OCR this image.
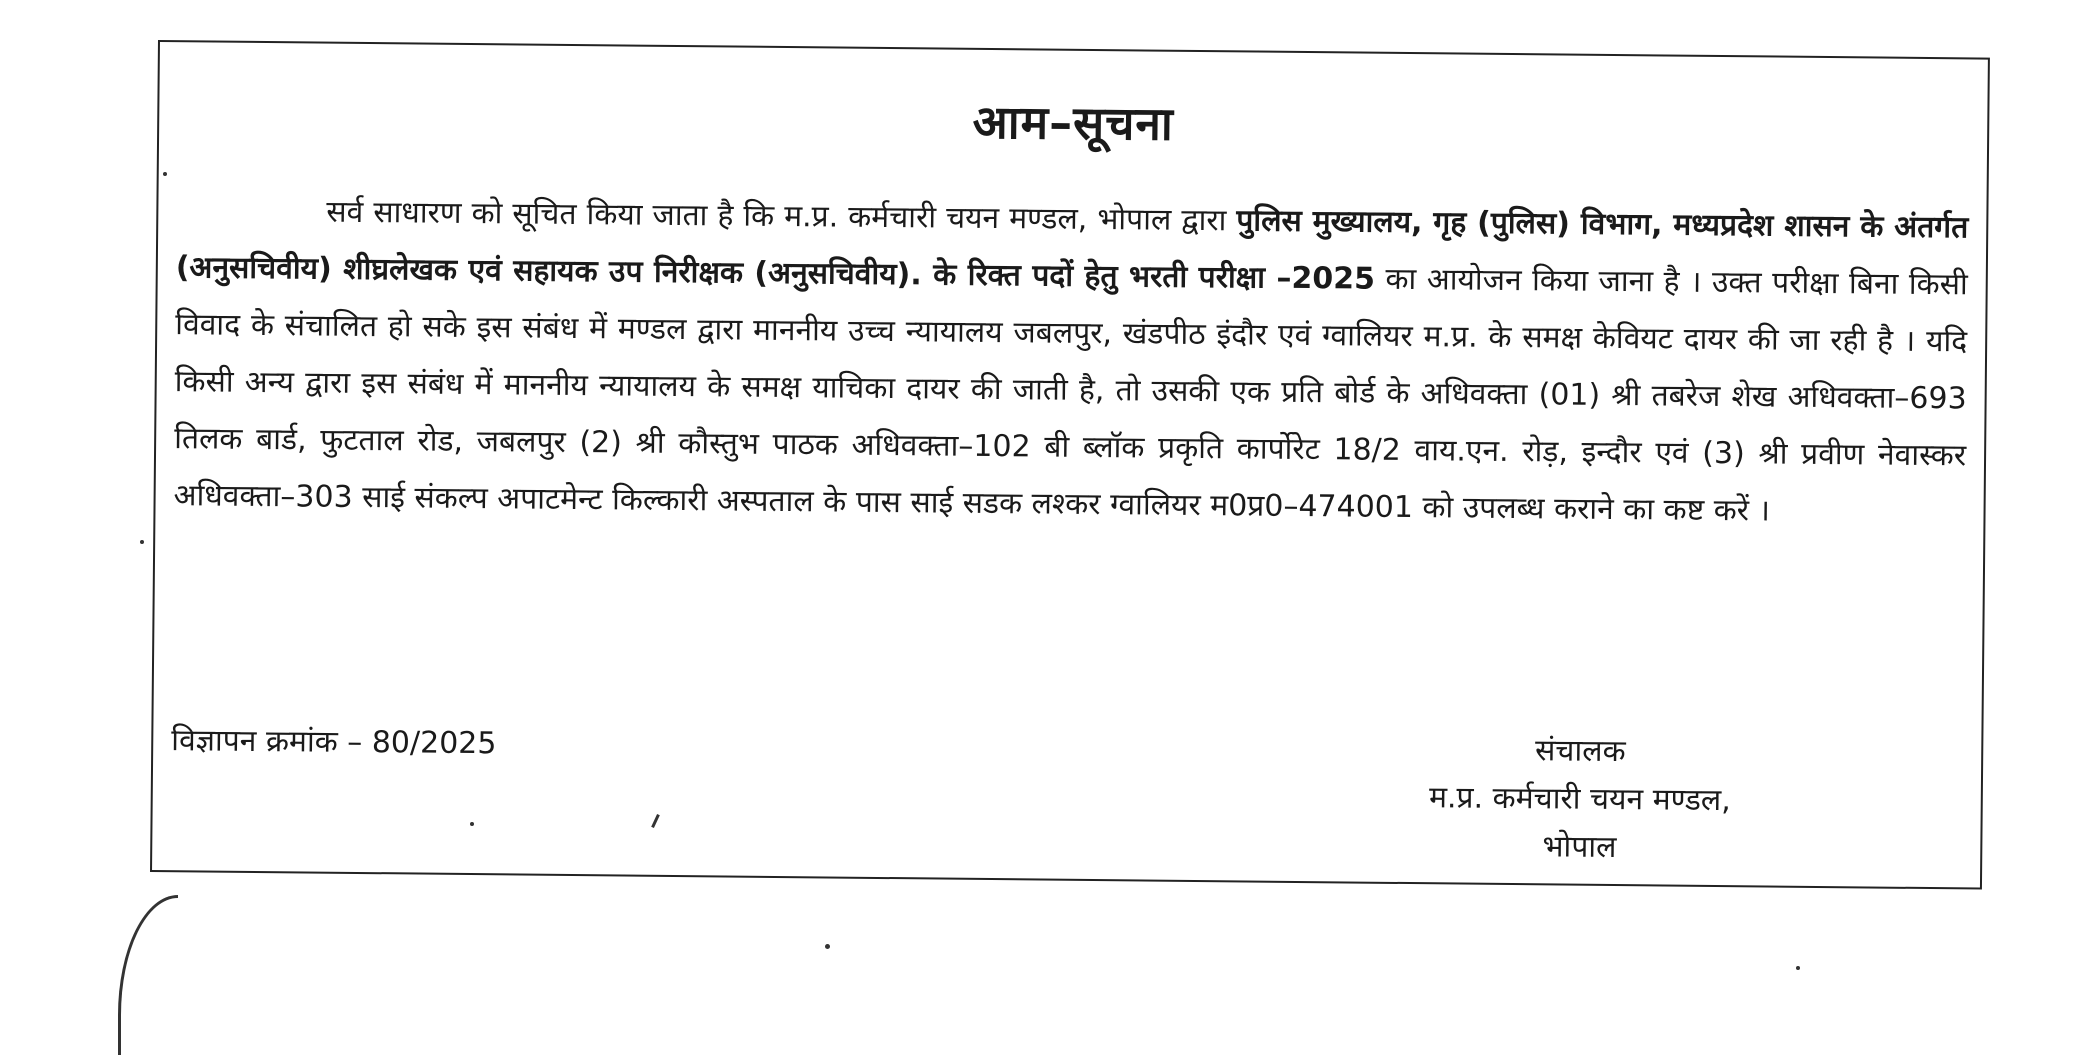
आम–सूचना
सर्व साधारण को सूचित किया जाता है कि म.प्र. कर्मचारी चयन मण्डल, भोपाल द्वारा पुलिस मुख्यालय, गृह (पुलिस) विभाग, मध्यप्रदेश शासन के अंतर्गत (अनुसचिवीय) शीघ्रलेखक एवं सहायक उप निरीक्षक (अनुसचिवीय). के रिक्त पदों हेतु भरती परीक्षा –2025 का आयोजन किया जाना है । उक्त परीक्षा बिना किसी विवाद के संचालित हो सके इस संबंध में मण्डल द्वारा माननीय उच्च न्यायालय जबलपुर, खंडपीठ इंदौर एवं ग्वालियर म.प्र. के समक्ष केवियट दायर की जा रही है । यदि किसी अन्य द्वारा इस संबंध में माननीय न्यायालय के समक्ष याचिका दायर की जाती है, तो उसकी एक प्रति बोर्ड के अधिवक्ता (01) श्री तबरेज शेख अधिवक्ता–693 तिलक बार्ड, फुटताल रोड, जबलपुर (2) श्री कौस्तुभ पाठक अधिवक्ता–102 बी ब्लॉक प्रकृति कार्पोरेट 18/2 वाय.एन. रोड़, इन्दौर एवं (3) श्री प्रवीण नेवास्कर अधिवक्ता–303 साई संकल्प अपाटमेन्ट किल्कारी अस्पताल के पास साई सडक लश्कर ग्वालियर म0प्र0–474001 को उपलब्ध कराने का कष्ट करें ।
विज्ञापन क्रमांक – 80/2025	संचालक
म.प्र. कर्मचारी चयन मण्डल,
भोपाल
